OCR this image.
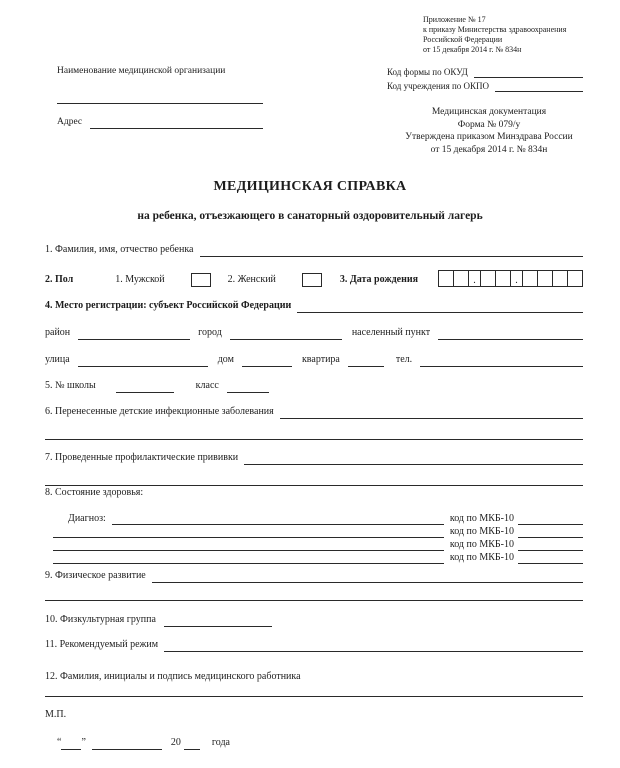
Приложение № 17
к приказу Министерства здравоохранения
Российской Федерации
от 15 декабря 2014 г. № 834н
Наименование медицинской организации	Код формы по ОКУД
Код учреждения по ОКПО
Адрес
Медицинская документация
Форма № 079/у
Утверждена приказом Минздрава России
от 15 декабря 2014 г. № 834н
МЕДИЦИНСКАЯ СПРАВКА
на ребенка, отъезжающего в санаторный оздоровительный лагерь
1. Фамилия, имя, отчество ребенка
2. Пол	1. Мужской	2. Женский	3. Дата рождения	.	.
4. Место регистрации: субъект Российской Федерации
район	город	населенный пункт
улица	дом	квартира	тел.
5. № школы	класс
6. Перенесенные детские инфекционные заболевания
7. Проведенные профилактические прививки
8. Состояние здоровья:
Диагноз:	код по МКБ-10
код по МКБ-10
код по МКБ-10
код по МКБ-10
9. Физическое развитие
10. Физкультурная группа
11. Рекомендуемый режим
12. Фамилия, инициалы и подпись медицинского работника
М.П.
“ ”	20	года
